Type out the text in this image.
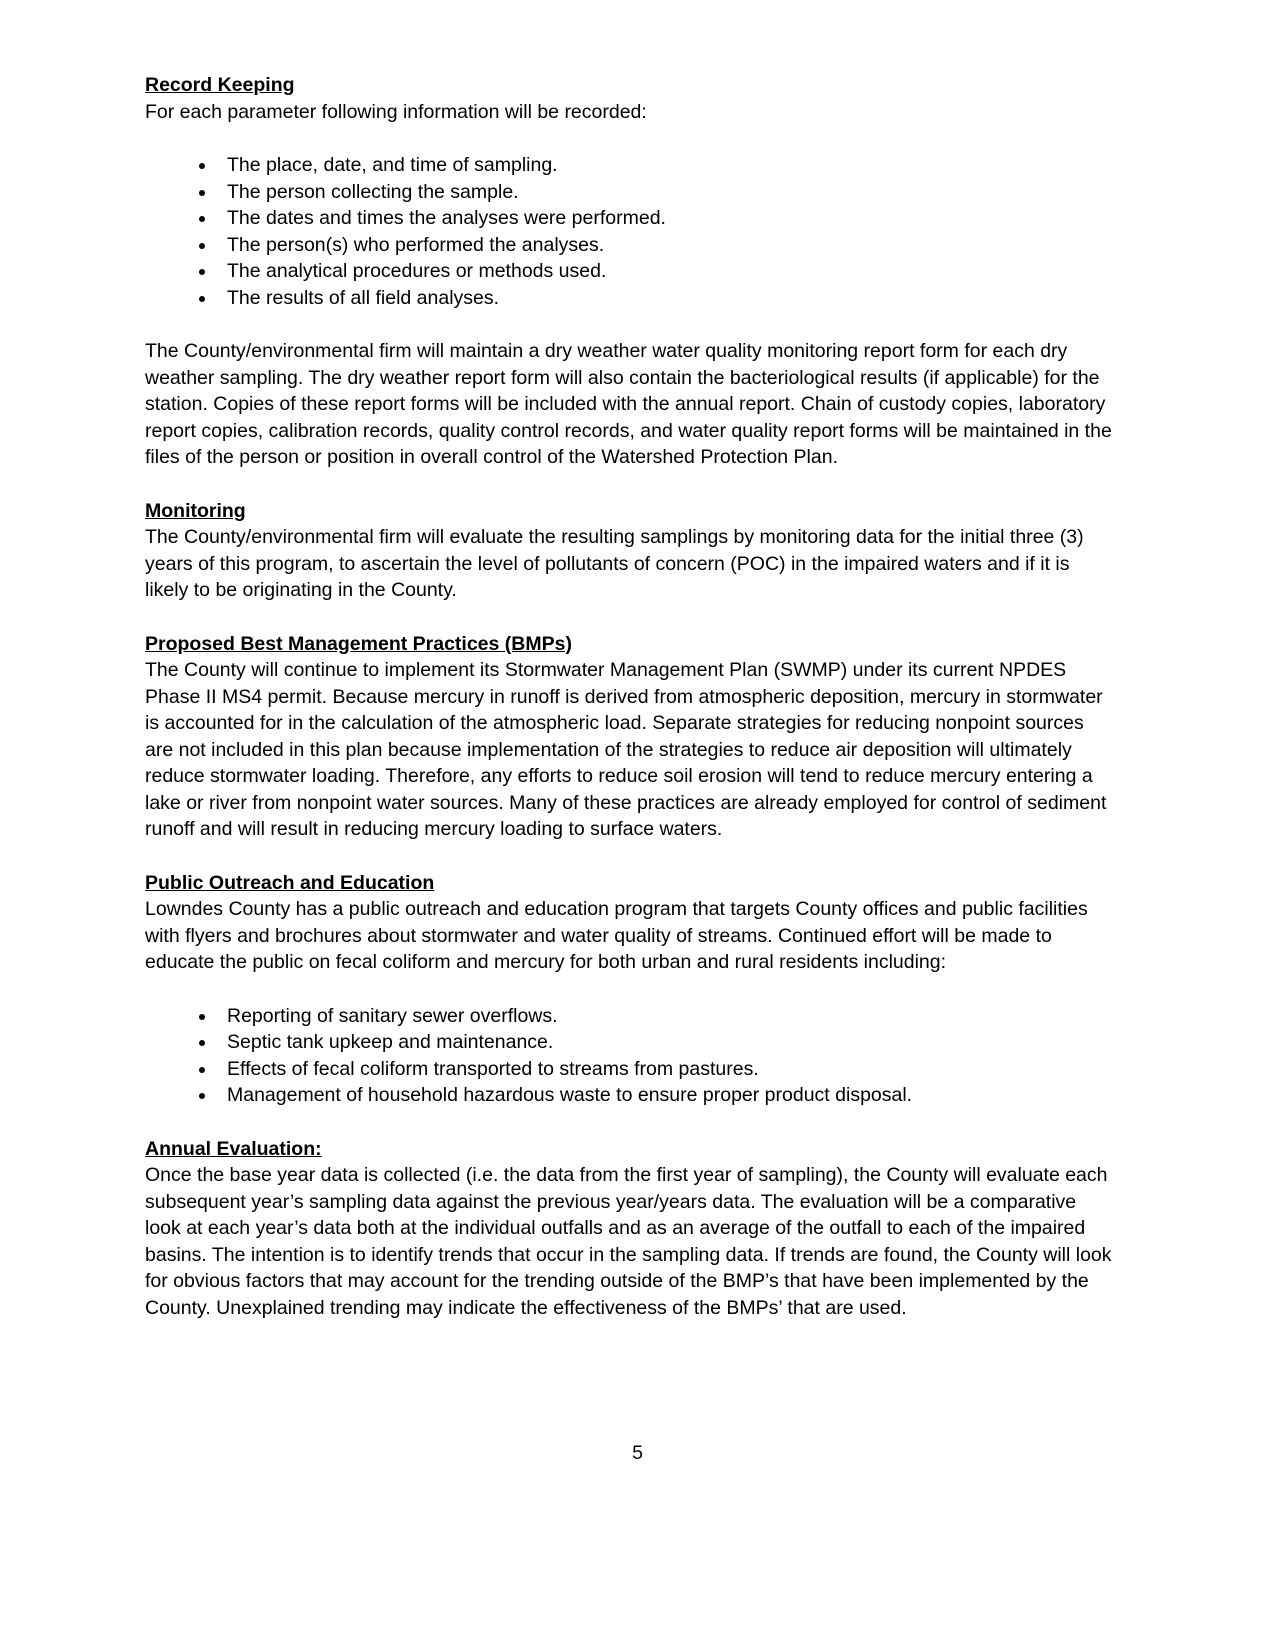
Record Keeping

For each parameter following information will be recorded:

• The place, date, and time of sampling.
• The person collecting the sample.
• The dates and times the analyses were performed.
• The person(s) who performed the analyses.
• The analytical procedures or methods used.
• The results of all field analyses.

The County/environmental firm will maintain a dry weather water quality monitoring report form for each dry weather sampling. The dry weather report form will also contain the bacteriological results (if applicable) for the station. Copies of these report forms will be included with the annual report. Chain of custody copies, laboratory report copies, calibration records, quality control records, and water quality report forms will be maintained in the files of the person or position in overall control of the Watershed Protection Plan.

Monitoring

The County/environmental firm will evaluate the resulting samplings by monitoring data for the initial three (3) years of this program, to ascertain the level of pollutants of concern (POC) in the impaired waters and if it is likely to be originating in the County.

Proposed Best Management Practices (BMPs)

The County will continue to implement its Stormwater Management Plan (SWMP) under its current NPDES Phase II MS4 permit. Because mercury in runoff is derived from atmospheric deposition, mercury in stormwater is accounted for in the calculation of the atmospheric load. Separate strategies for reducing nonpoint sources are not included in this plan because implementation of the strategies to reduce air deposition will ultimately reduce stormwater loading. Therefore, any efforts to reduce soil erosion will tend to reduce mercury entering a lake or river from nonpoint water sources. Many of these practices are already employed for control of sediment runoff and will result in reducing mercury loading to surface waters.

Public Outreach and Education

Lowndes County has a public outreach and education program that targets County offices and public facilities with flyers and brochures about stormwater and water quality of streams. Continued effort will be made to educate the public on fecal coliform and mercury for both urban and rural residents including:

• Reporting of sanitary sewer overflows.
• Septic tank upkeep and maintenance.
• Effects of fecal coliform transported to streams from pastures.
• Management of household hazardous waste to ensure proper product disposal.
Annual Evaluation:

Once the base year data is collected (i.e. the data from the first year of sampling), the County will evaluate each subsequent year’s sampling data against the previous year/years data. The evaluation will be a comparative look at each year’s data both at the individual outfalls and as an average of the outfall to each of the impaired basins. The intention is to identify trends that occur in the sampling data. If trends are found, the County will look for obvious factors that may account for the trending outside of the BMP’s that have been implemented by the County. Unexplained trending may indicate the effectiveness of the BMPs’ that are used.

5
